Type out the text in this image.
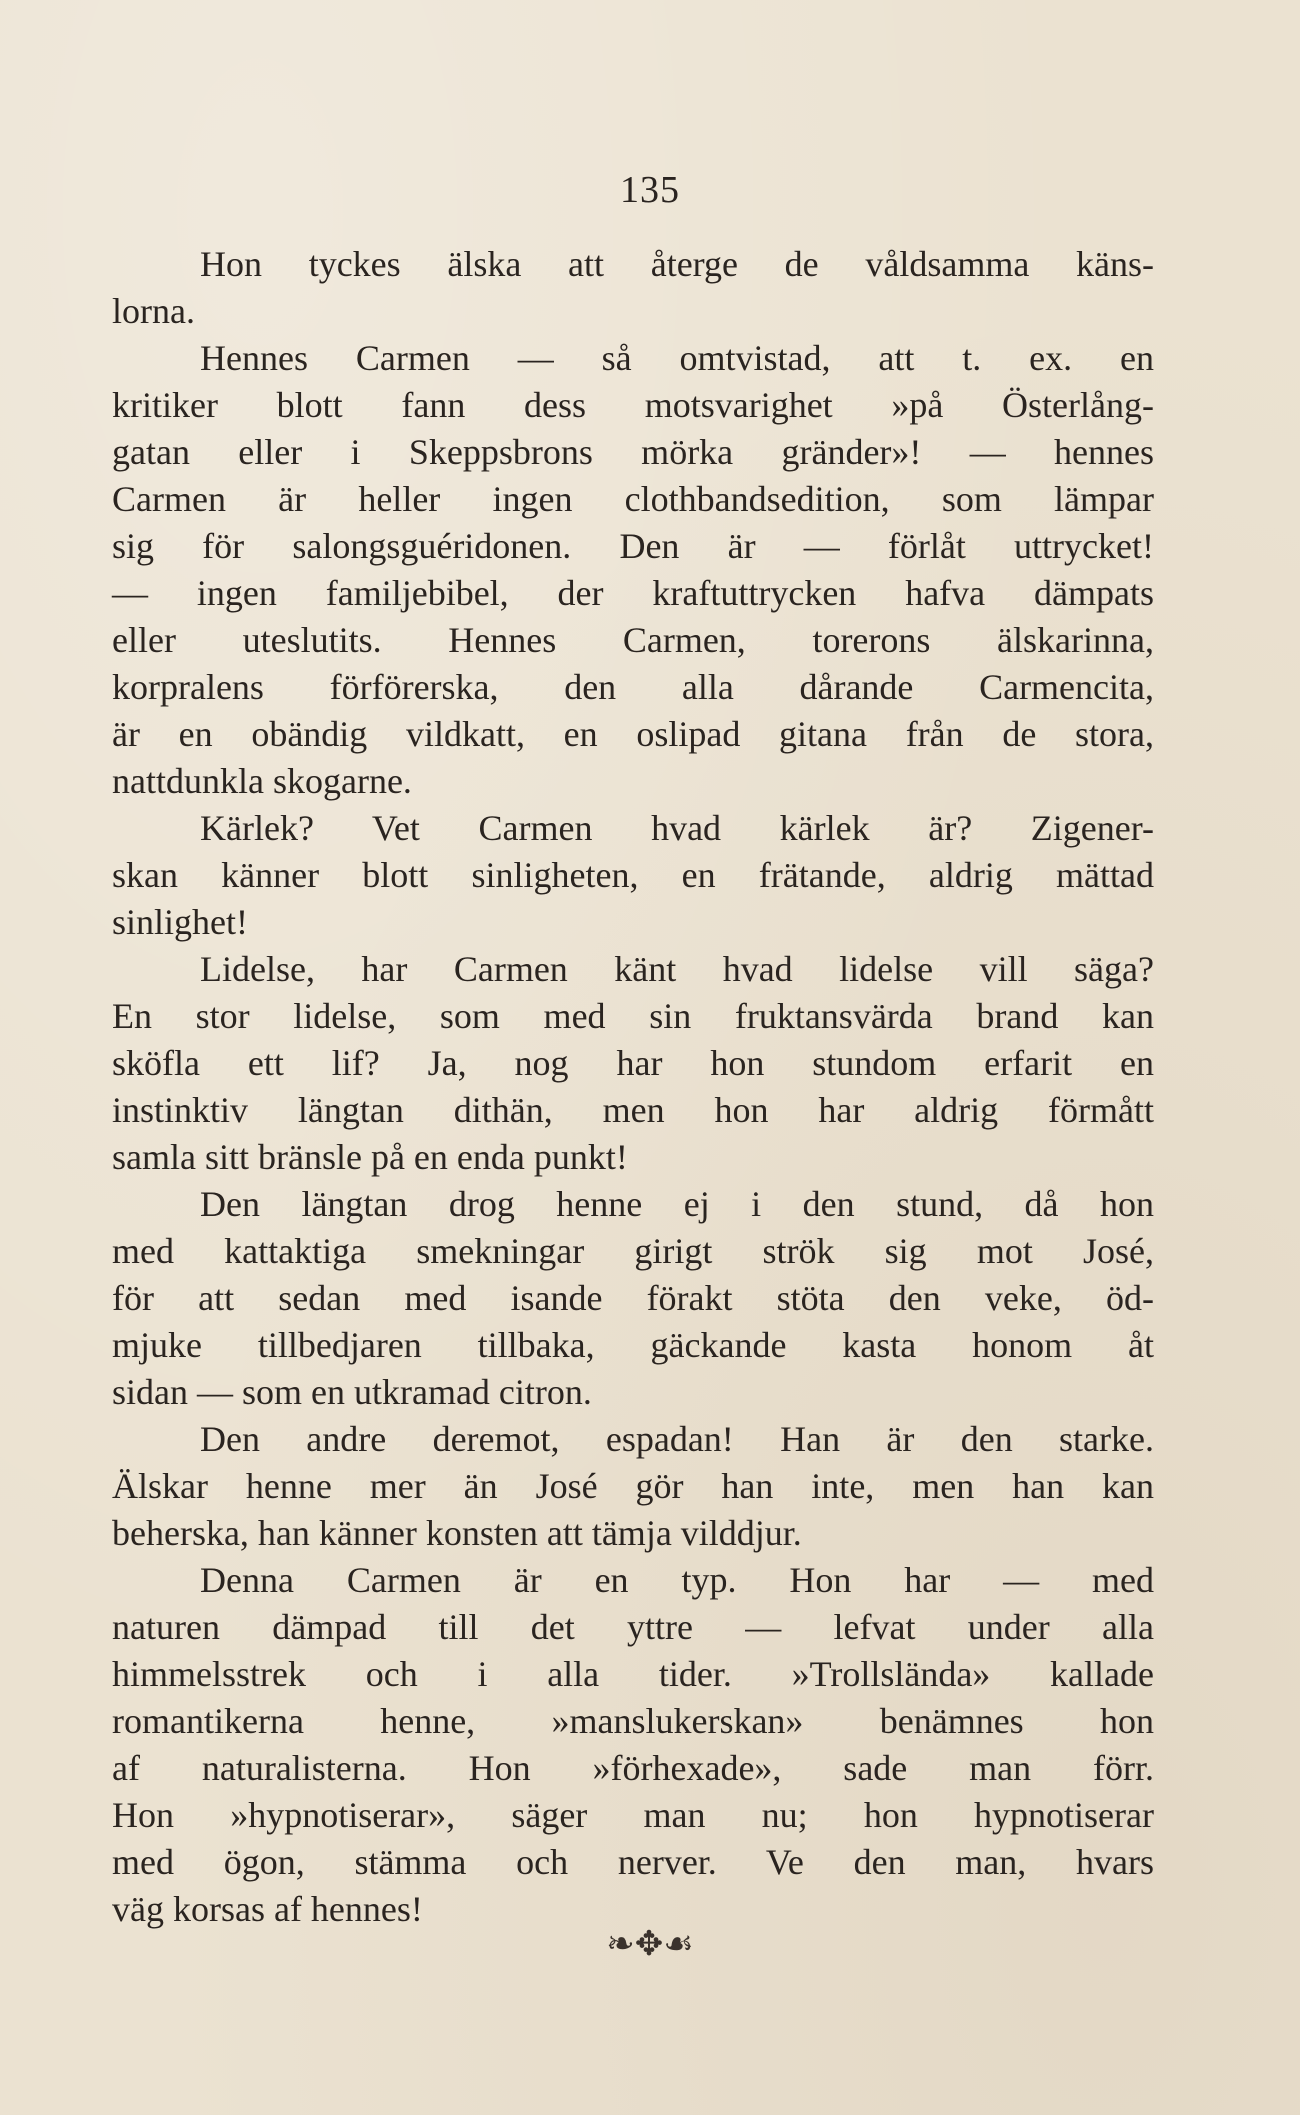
135
Hon tyckes älska att återge de våldsamma käns-
lorna.
Hennes Carmen — så omtvistad, att t. ex. en
kritiker blott fann dess motsvarighet »på Österlång-
gatan eller i Skeppsbrons mörka gränder»! — hennes
Carmen är heller ingen clothbandsedition, som lämpar
sig för salongsguéridonen. Den är — förlåt uttrycket!
— ingen familjebibel, der kraftuttrycken hafva dämpats
eller uteslutits. Hennes Carmen, torerons älskarinna,
korpralens förförerska, den alla dårande Carmencita,
är en obändig vildkatt, en oslipad gitana från de stora,
nattdunkla skogarne.
Kärlek? Vet Carmen hvad kärlek är? Zigener-
skan känner blott sinligheten, en frätande, aldrig mättad
sinlighet!
Lidelse, har Carmen känt hvad lidelse vill säga?
En stor lidelse, som med sin fruktansvärda brand kan
sköfla ett lif? Ja, nog har hon stundom erfarit en
instinktiv längtan dithän, men hon har aldrig förmått
samla sitt bränsle på en enda punkt!
Den längtan drog henne ej i den stund, då hon
med kattaktiga smekningar girigt strök sig mot José,
för att sedan med isande förakt stöta den veke, öd-
mjuke tillbedjaren tillbaka, gäckande kasta honom åt
sidan — som en utkramad citron.
Den andre deremot, espadan! Han är den starke.
Älskar henne mer än José gör han inte, men han kan
beherska, han känner konsten att tämja vilddjur.
Denna Carmen är en typ. Hon har — med
naturen dämpad till det yttre — lefvat under alla
himmelsstrek och i alla tider. »Trollslända» kallade
romantikerna henne, »manslukerskan» benämnes hon
af naturalisterna. Hon »förhexade», sade man förr.
Hon »hypnotiserar», säger man nu; hon hypnotiserar
med ögon, stämma och nerver. Ve den man, hvars
väg korsas af hennes!
❧✥☙
